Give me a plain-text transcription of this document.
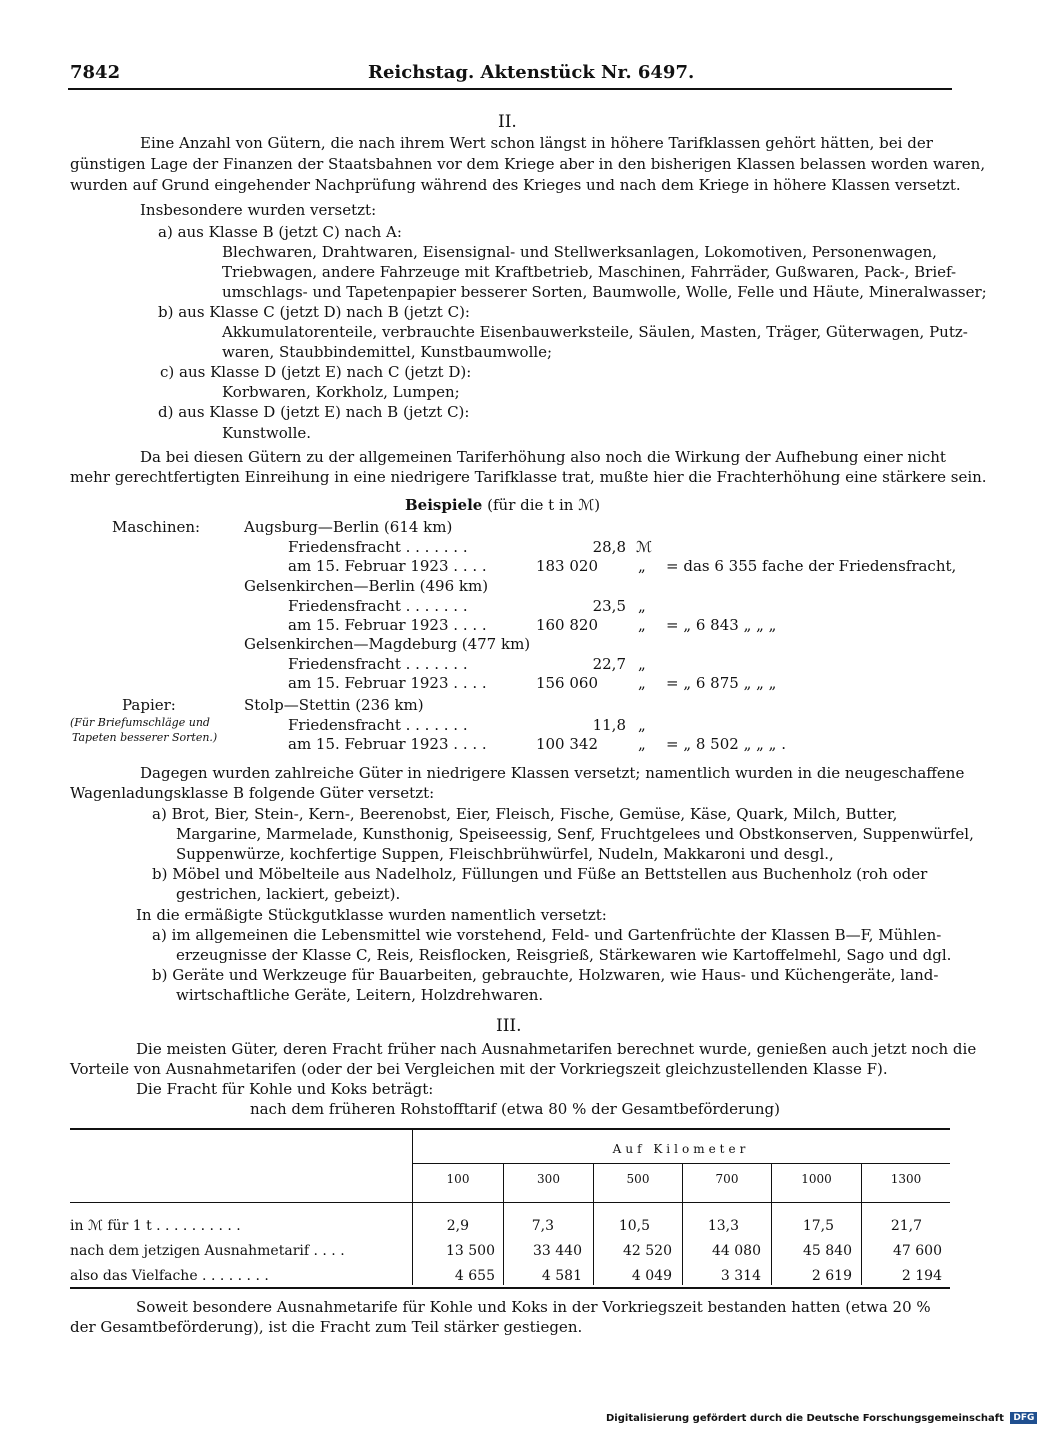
7842	Reichstag. Aktenstück Nr. 6497.
II.
Eine Anzahl von Gütern, die nach ihrem Wert schon längst in höhere Tarifklassen gehört hätten, bei der
günstigen Lage der Finanzen der Staatsbahnen vor dem Kriege aber in den bisherigen Klassen belassen worden waren,
wurden auf Grund eingehender Nachprüfung während des Krieges und nach dem Kriege in höhere Klassen versetzt.
Insbesondere wurden versetzt:
a) aus Klasse B (jetzt C) nach A:
Blechwaren, Drahtwaren, Eisensignal- und Stellwerksanlagen, Lokomotiven, Personenwagen,
Triebwagen, andere Fahrzeuge mit Kraftbetrieb, Maschinen, Fahrräder, Gußwaren, Pack-, Brief-
umschlags- und Tapetenpapier besserer Sorten, Baumwolle, Wolle, Felle und Häute, Mineralwasser;
b) aus Klasse C (jetzt D) nach B (jetzt C):
Akkumulatorenteile, verbrauchte Eisenbauwerksteile, Säulen, Masten, Träger, Güterwagen, Putz-
waren, Staubbindemittel, Kunstbaumwolle;
c) aus Klasse D (jetzt E) nach C (jetzt D):
Korbwaren, Korkholz, Lumpen;
d) aus Klasse D (jetzt E) nach B (jetzt C):
Kunstwolle.
Da bei diesen Gütern zu der allgemeinen Tariferhöhung also noch die Wirkung der Aufhebung einer nicht
mehr gerechtfertigten Einreihung in eine niedrigere Tarifklasse trat, mußte hier die Frachterhöhung eine stärkere sein.
Beispiele (für die t in ℳ)
Maschinen:	Augsburg—Berlin (614 km)
Friedensfracht . . . . . . .	28,8 ℳ
am 15. Februar 1923 . . . .	183 020	„ = das 6 355 fache der Friedensfracht,
Gelsenkirchen—Berlin (496 km)
Friedensfracht . . . . . . .	23,5 „
am 15. Februar 1923 . . . .	160 820	„ = „ 6 843 „ „ „
Gelsenkirchen—Magdeburg (477 km)
Friedensfracht . . . . . . .	22,7 „
am 15. Februar 1923 . . . .	156 060	„ = „ 6 875 „ „ „
Papier:
(Für Briefumschläge und
Tapeten besserer Sorten.)
Stolp—Stettin (236 km)
Friedensfracht . . . . . . .	11,8 „
am 15. Februar 1923 . . . .	100 342	„ = „ 8 502 „ „ „ .
Dagegen wurden zahlreiche Güter in niedrigere Klassen versetzt; namentlich wurden in die neugeschaffene
Wagenladungsklasse B folgende Güter versetzt:
a) Brot, Bier, Stein-, Kern-, Beerenobst, Eier, Fleisch, Fische, Gemüse, Käse, Quark, Milch, Butter,
Margarine, Marmelade, Kunsthonig, Speiseessig, Senf, Fruchtgelees und Obstkonserven, Suppenwürfel,
Suppenwürze, kochfertige Suppen, Fleischbrühwürfel, Nudeln, Makkaroni und desgl.,
b) Möbel und Möbelteile aus Nadelholz, Füllungen und Füße an Bettstellen aus Buchenholz (roh oder
gestrichen, lackiert, gebeizt).
In die ermäßigte Stückgutklasse wurden namentlich versetzt:
a) im allgemeinen die Lebensmittel wie vorstehend, Feld- und Gartenfrüchte der Klassen B—F, Mühlen-
erzeugnisse der Klasse C, Reis, Reisflocken, Reisgrieß, Stärkewaren wie Kartoffelmehl, Sago und dgl.
b) Geräte und Werkzeuge für Bauarbeiten, gebrauchte, Holzwaren, wie Haus- und Küchengeräte, land-
wirtschaftliche Geräte, Leitern, Holzdrehwaren.
III.
Die meisten Güter, deren Fracht früher nach Ausnahmetarifen berechnet wurde, genießen auch jetzt noch die
Vorteile von Ausnahmetarifen (oder der bei Vergleichen mit der Vorkriegszeit gleichzustellenden Klasse F).
Die Fracht für Kohle und Koks beträgt:
nach dem früheren Rohstofftarif (etwa 80 % der Gesamtbeförderung)
Auf Kilometer
100	300	500	700	1000	1300
in ℳ für 1 t . . . . . . . . . .	2,9	7,3	10,5	13,3	17,5	21,7
nach dem jetzigen Ausnahmetarif . . . .	13 500	33 440	42 520	44 080	45 840	47 600
also das Vielfache . . . . . . . .	4 655	4 581	4 049	3 314	2 619	2 194
Soweit besondere Ausnahmetarife für Kohle und Koks in der Vorkriegszeit bestanden hatten (etwa 20 %
der Gesamtbeförderung), ist die Fracht zum Teil stärker gestiegen.
Digitalisierung gefördert durch die Deutsche Forschungsgemeinschaft DFG
